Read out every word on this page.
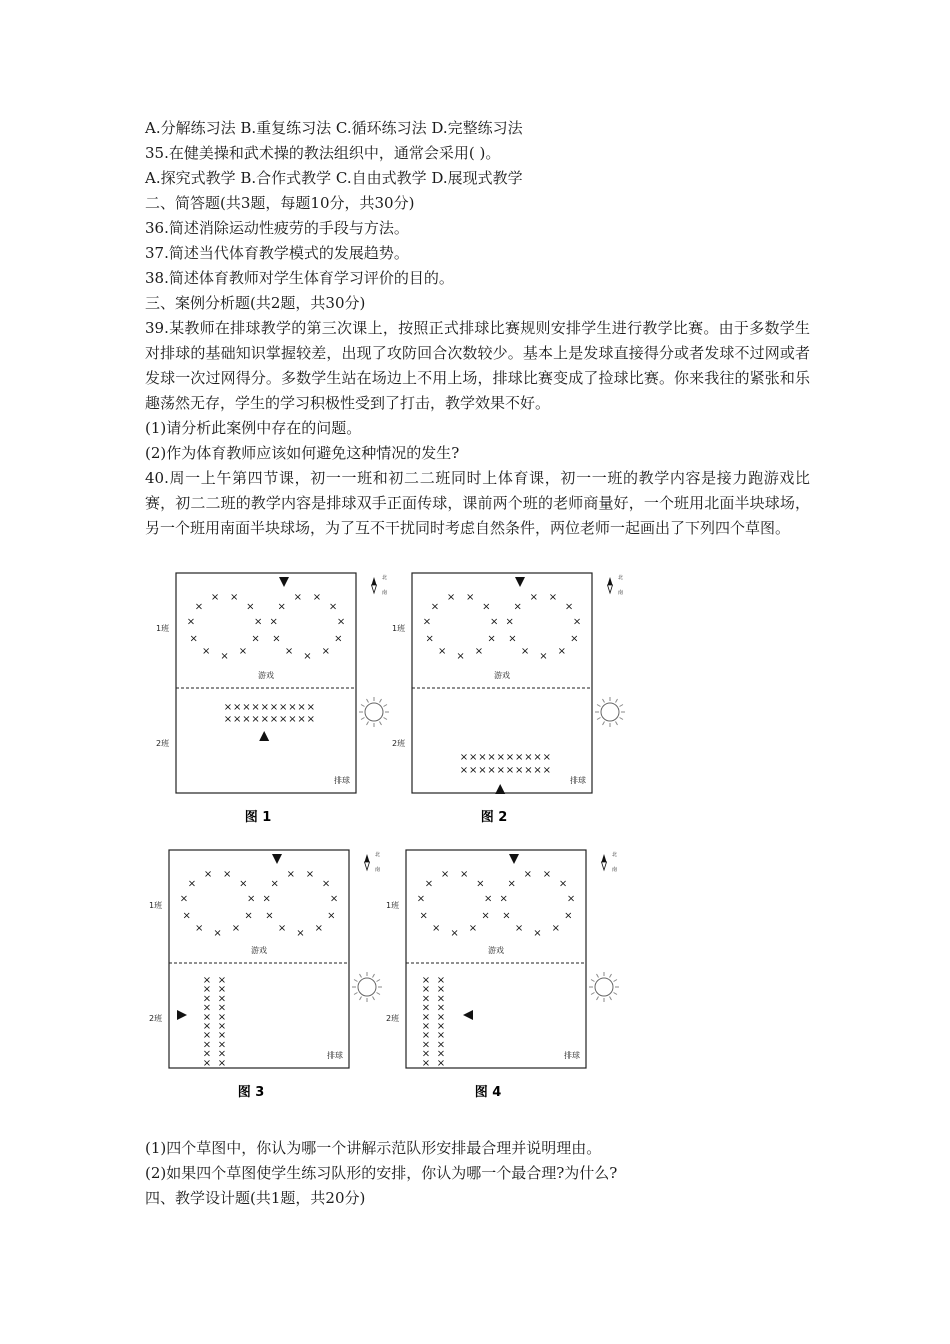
A.分解练习法 B.重复练习法 C.循环练习法 D.完整练习法

35.在健美操和武术操的教法组织中，通常会采用( )。

A.探究式教学 B.合作式教学 C.自由式教学 D.展现式教学

二、简答题(共3题，每题10分，共30分)

36.简述消除运动性疲劳的手段与方法。

37.简述当代体育教学模式的发展趋势。

38.简述体育教师对学生体育学习评价的目的。

三、案例分析题(共2题，共30分)

39.某教师在排球教学的第三次课上，按照正式排球比赛规则安排学生进行教学比赛。由于多数学生对排球的基础知识掌握较差，出现了攻防回合次数较少。基本上是发球直接得分或者发球不过网或者发球一次过网得分。多数学生站在场边上不用上场，排球比赛变成了捡球比赛。你来我往的紧张和乐趣荡然无存，学生的学习积极性受到了打击，教学效果不好。

(1)请分析此案例中存在的问题。

(2)作为体育教师应该如何避免这种情况的发生?

40.周一上午第四节课，初一一班和初二二班同时上体育课，初一一班的教学内容是接力跑游戏比赛，初二二班的教学内容是排球双手正面传球，课前两个班的老师商量好，一个班用北面半块球场，另一个班用南面半块球场，为了互不干扰同时考虑自然条件，两位老师一起画出了下列四个草图。

1班
2班
游戏
排球
×
×
×
×
×
×
×
×
×
×
×	×
×
×
×
×
×
×
×
×
×
×
北
南
× × × × × × × × × ×
× × × × × × × × × ×
图 1
1班
2班
游戏
排球
×
×
×
×
×
×
×
×
×
×
×	×
×
×
×
×
×
×
×
×
×
×
北
南
× × × × × × × × × ×
× × × × × × × × × ×
图 2
1班
2班
游戏
排球
×
×
×
×
×
×
×
×
×
×
×	×
×
×
×
×
×
×
×
×
×
×
北
南
×
×
×
×
×
×
×
×
×
×
×
×
×
×
×
×
×
×
×
×
图 3
1班
2班
游戏
排球
×
×
×
×
×
×
×
×
×
×
×	×
×
×
×
×
×
×
×
×
×
×
北
南
×
×
×
×
×
×
×
×
×
×
×
×
×
×
×
×
×
×
×
×
图 4

(1)四个草图中，你认为哪一个讲解示范队形安排最合理并说明理由。

(2)如果四个草图使学生练习队形的安排，你认为哪一个最合理?为什么?

四、教学设计题(共1题，共20分)
